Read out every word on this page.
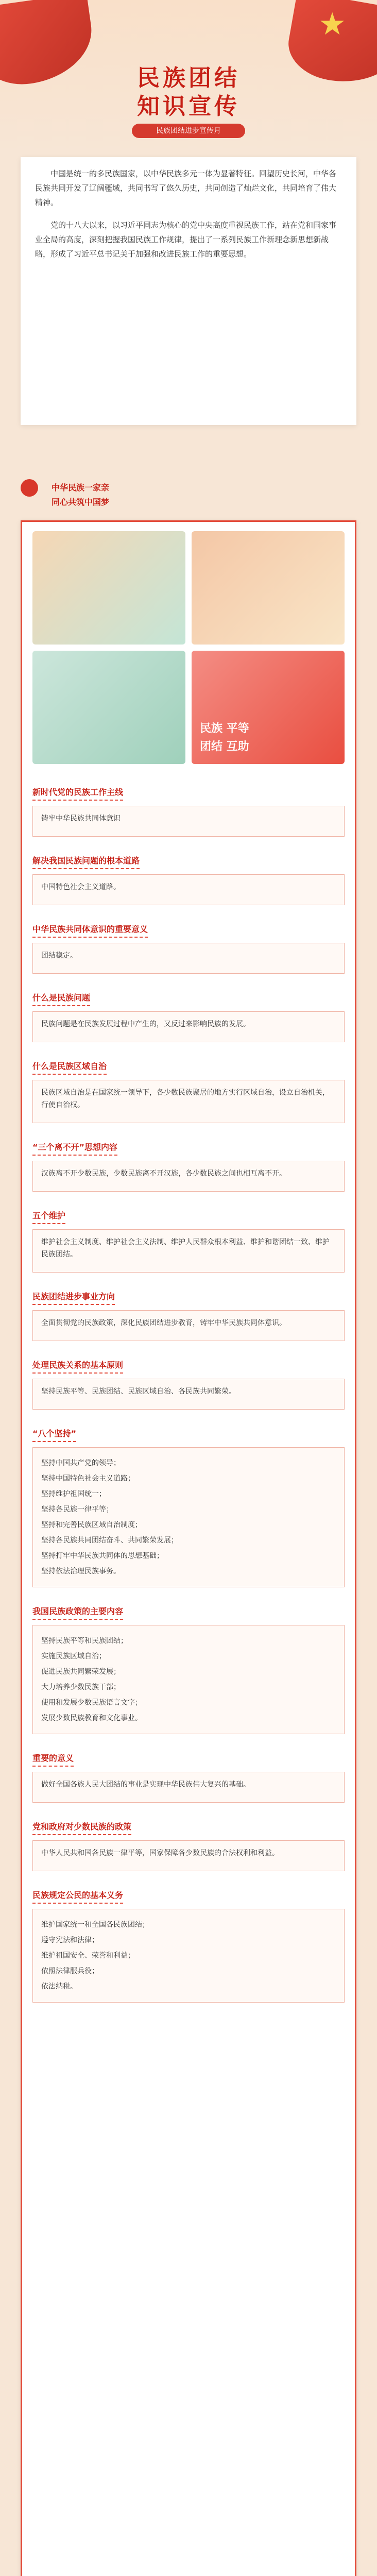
★
民族团结
知识宣传
民族团结进步宣传月

中国是统一的多民族国家，以中华民族多元一体为显著特征。回望历史长河，中华各民族共同开发了辽阔疆域，共同书写了悠久历史，共同创造了灿烂文化，共同培育了伟大精神。

党的十八大以来，以习近平同志为核心的党中央高度重视民族工作，站在党和国家事业全局的高度，深刻把握我国民族工作规律，提出了一系列民族工作新理念新思想新战略，形成了习近平总书记关于加强和改进民族工作的重要思想。

中华民族一家亲
同心共筑中国梦
民族 平等
团结 互助
新时代党的民族工作主线

铸牢中华民族共同体意识

解决我国民族问题的根本道路

中国特色社会主义道路。

中华民族共同体意识的重要意义

团结稳定。

什么是民族问题

民族问题是在民族发展过程中产生的，又反过来影响民族的发展。

什么是民族区域自治

民族区域自治是在国家统一领导下，各少数民族聚居的地方实行区域自治，设立自治机关，行使自治权。

“三个离不开”思想内容

汉族离不开少数民族，少数民族离不开汉族，各少数民族之间也相互离不开。

五个维护

维护社会主义制度、维护社会主义法制、维护人民群众根本利益、维护和谐团结一致、维护民族团结。

民族团结进步事业方向

全面贯彻党的民族政策，深化民族团结进步教育，铸牢中华民族共同体意识。

处理民族关系的基本原则

坚持民族平等、民族团结、民族区域自治、各民族共同繁荣。

“八个坚持”
坚持中国共产党的领导；
坚持中国特色社会主义道路；
坚持维护祖国统一；
坚持各民族一律平等；
坚持和完善民族区域自治制度；
坚持各民族共同团结奋斗、共同繁荣发展；
坚持打牢中华民族共同体的思想基础；
坚持依法治理民族事务。
我国民族政策的主要内容
坚持民族平等和民族团结；
实施民族区域自治；
促进民族共同繁荣发展；
大力培养少数民族干部；
使用和发展少数民族语言文字；
发展少数民族教育和文化事业。
重要的意义

做好全国各族人民大团结的事业是实现中华民族伟大复兴的基础。

党和政府对少数民族的政策

中华人民共和国各民族一律平等，国家保障各少数民族的合法权利和利益。

民族规定公民的基本义务
维护国家统一和全国各民族团结；
遵守宪法和法律；
维护祖国安全、荣誉和利益；
依照法律服兵役；
依法纳税。
